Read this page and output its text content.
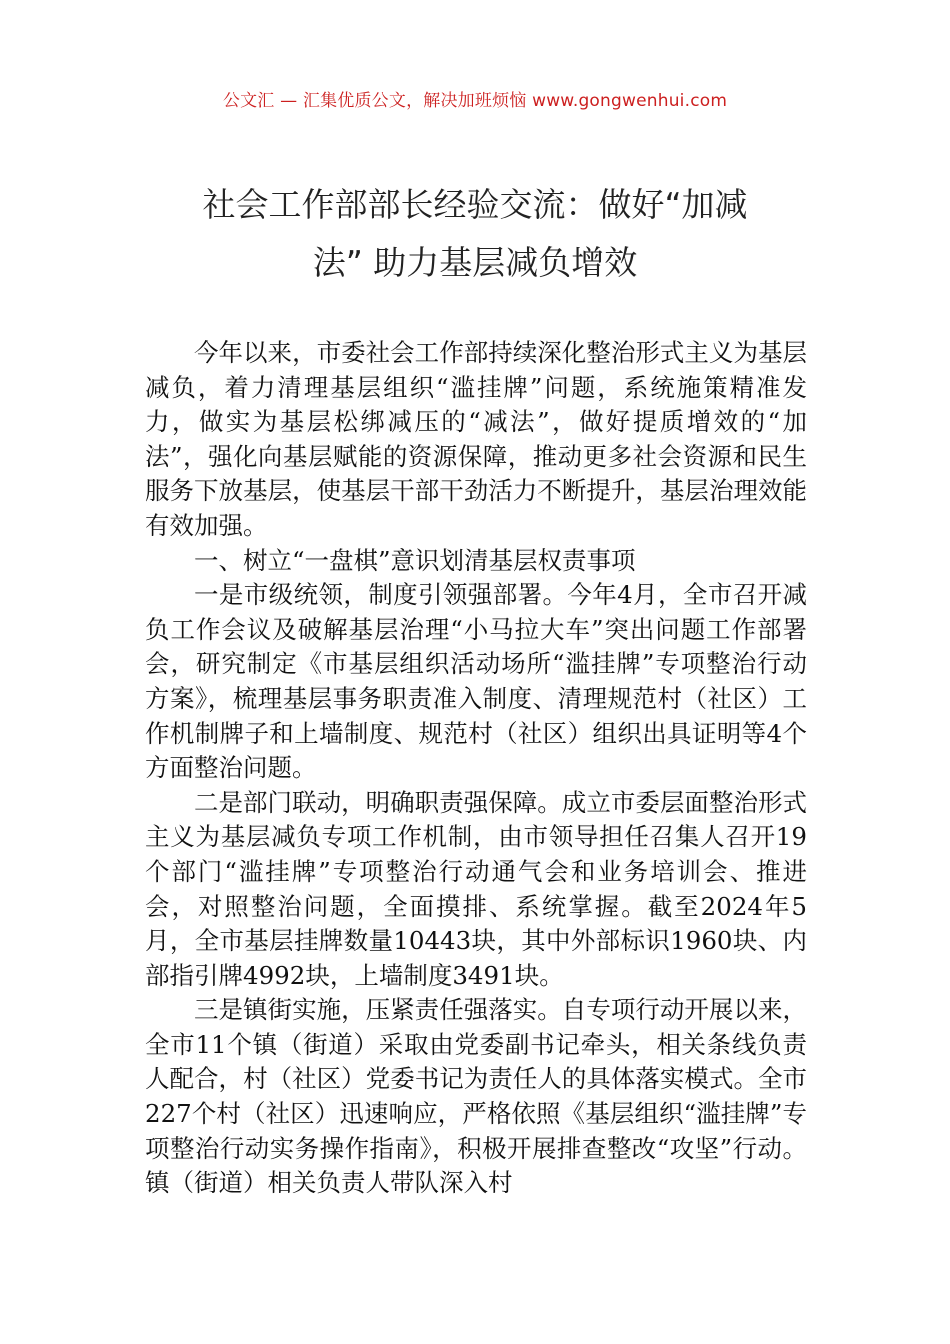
公文汇 — 汇集优质公文，解决加班烦恼 www.gongwenhui.com
社会工作部部长经验交流：做好“加减
法” 助力基层减负增效

今年以来，市委社会工作部持续深化整治形式主义为基层减负，着力清理基层组织“滥挂牌”问题，系统施策精准发力，做实为基层松绑减压的“减法”，做好提质增效的“加法”，强化向基层赋能的资源保障，推动更多社会资源和民生服务下放基层，使基层干部干劲活力不断提升，基层治理效能有效加强。

一、树立“一盘棋”意识划清基层权责事项

一是市级统领，制度引领强部署。今年4月，全市召开减负工作会议及破解基层治理“小马拉大车”突出问题工作部署会，研究制定《市基层组织活动场所“滥挂牌”专项整治行动方案》，梳理基层事务职责准入制度、清理规范村（社区）工作机制牌子和上墙制度、规范村（社区）组织出具证明等4个方面整治问题。

二是部门联动，明确职责强保障。成立市委层面整治形式主义为基层减负专项工作机制，由市领导担任召集人召开19个部门“滥挂牌”专项整治行动通气会和业务培训会、推进会，对照整治问题，全面摸排、系统掌握。截至2024年5月，全市基层挂牌数量10443块，其中外部标识1960块、内部指引牌4992块，上墙制度3491块。

三是镇街实施，压紧责任强落实。自专项行动开展以来，全市11个镇（街道）采取由党委副书记牵头，相关条线负责人配合，村（社区）党委书记为责任人的具体落实模式。全市227个村（社区）迅速响应，严格依照《基层组织“滥挂牌”专项整治行动实务操作指南》，积极开展排查整改“攻坚”行动。镇（街道）相关负责人带队深入村
